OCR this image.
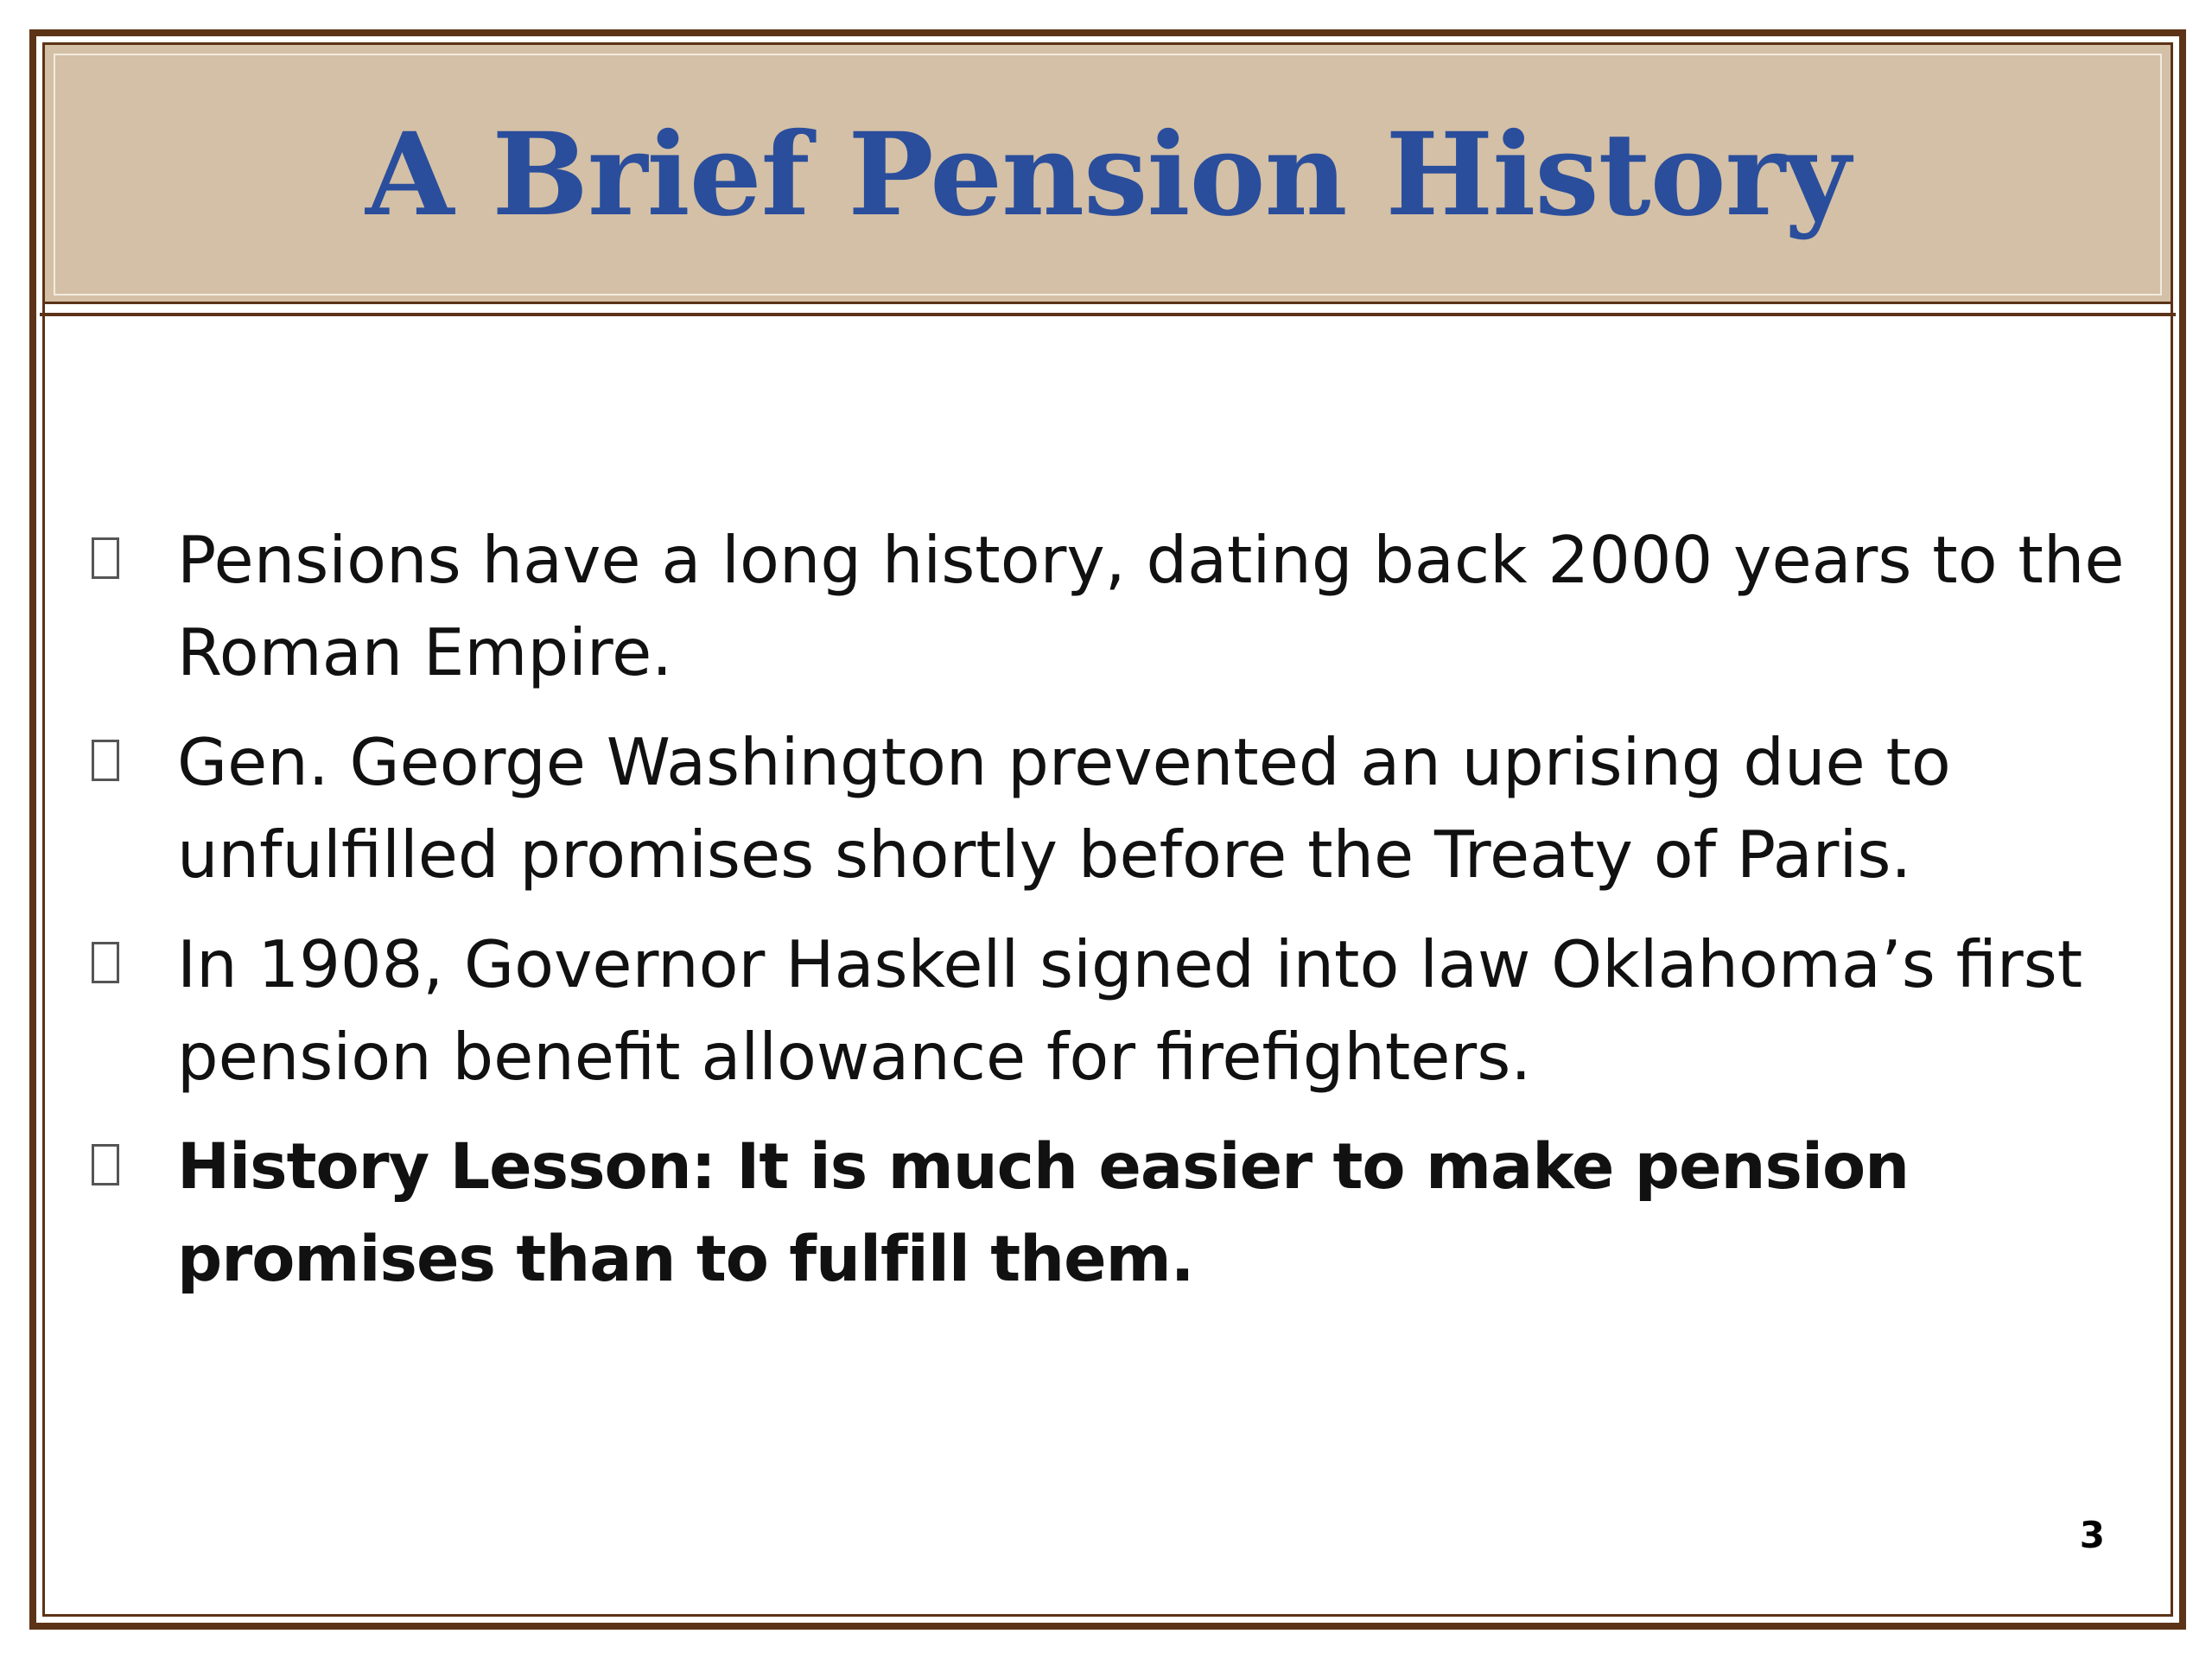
A Brief Pension History
Pensions have a long history, dating back 2000 years to the Roman Empire.
Gen. George Washington prevented an uprising due to unfulfilled promises shortly before the Treaty of Paris.
In 1908, Governor Haskell signed into law Oklahoma’s first pension benefit allowance for firefighters.
History Lesson: It is much easier to make pension promises than to fulfill them.
3
